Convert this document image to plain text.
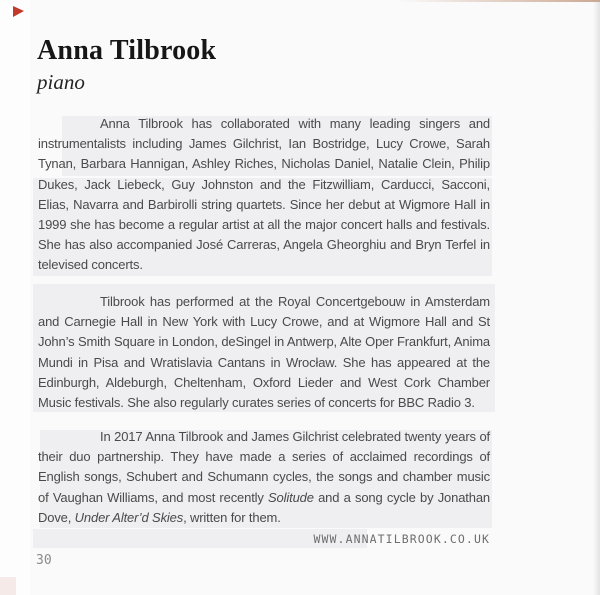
Anna Tilbrook
piano

Anna Tilbrook has collaborated with many leading singers and instrumentalists including James Gilchrist, Ian Bostridge, Lucy Crowe, Sarah Tynan, Barbara Hannigan, Ashley Riches, Nicholas Daniel, Natalie Clein, Philip Dukes, Jack Liebeck, Guy Johnston and the Fitzwilliam, Carducci, Sacconi, Elias, Navarra and Barbirolli string quartets. Since her debut at Wigmore Hall in 1999 she has become a regular artist at all the major concert halls and festivals. She has also accompanied José Carreras, Angela Gheorghiu and Bryn Terfel in televised concerts.

Tilbrook has performed at the Royal Concertgebouw in Amsterdam and Carnegie Hall in New York with Lucy Crowe, and at Wigmore Hall and St John’s Smith Square in London, deSingel in Antwerp, Alte Oper Frankfurt, Anima Mundi in Pisa and Wratislavia Cantans in Wrocław. She has appeared at the Edinburgh, Aldeburgh, Cheltenham, Oxford Lieder and West Cork Chamber Music festivals. She also regularly curates series of concerts for BBC Radio 3.

In 2017 Anna Tilbrook and James Gilchrist celebrated twenty years of their duo partnership. They have made a series of acclaimed recordings of English songs, Schubert and Schumann cycles, the songs and chamber music of Vaughan Williams, and most recently Solitude and a song cycle by Jonathan Dove, Under Alter’d Skies, written for them.

WWW.ANNATILBROOK.CO.UK
30
